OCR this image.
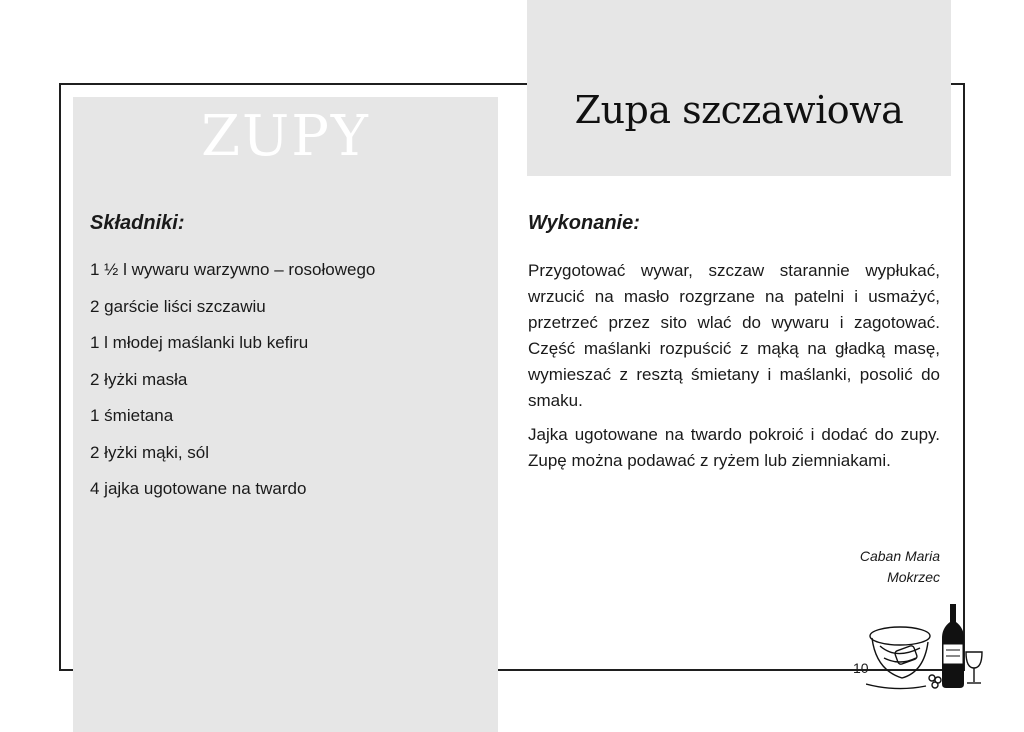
ZUPY	Zupa szczawiowa
Składniki:
1 ½ l wywaru warzywno – rosołowego
2 garście liści szczawiu
1 l młodej maślanki lub kefiru
2 łyżki masła
1 śmietana
2 łyżki mąki, sól
4 jajka ugotowane na twardo
Wykonanie:

Przygotować wywar, szczaw starannie wypłukać, wrzucić na masło rozgrzane na patelni i usmażyć, przetrzeć przez sito wlać do wywaru i zagotować. Część maślanki rozpuścić z mąką na gładką masę, wymieszać z resztą śmietany i maślanki, posolić do smaku.

Jajka ugotowane na twardo pokroić i dodać do zupy. Zupę można podawać z ryżem lub ziemniakami.

Caban Maria
Mokrzec
10
